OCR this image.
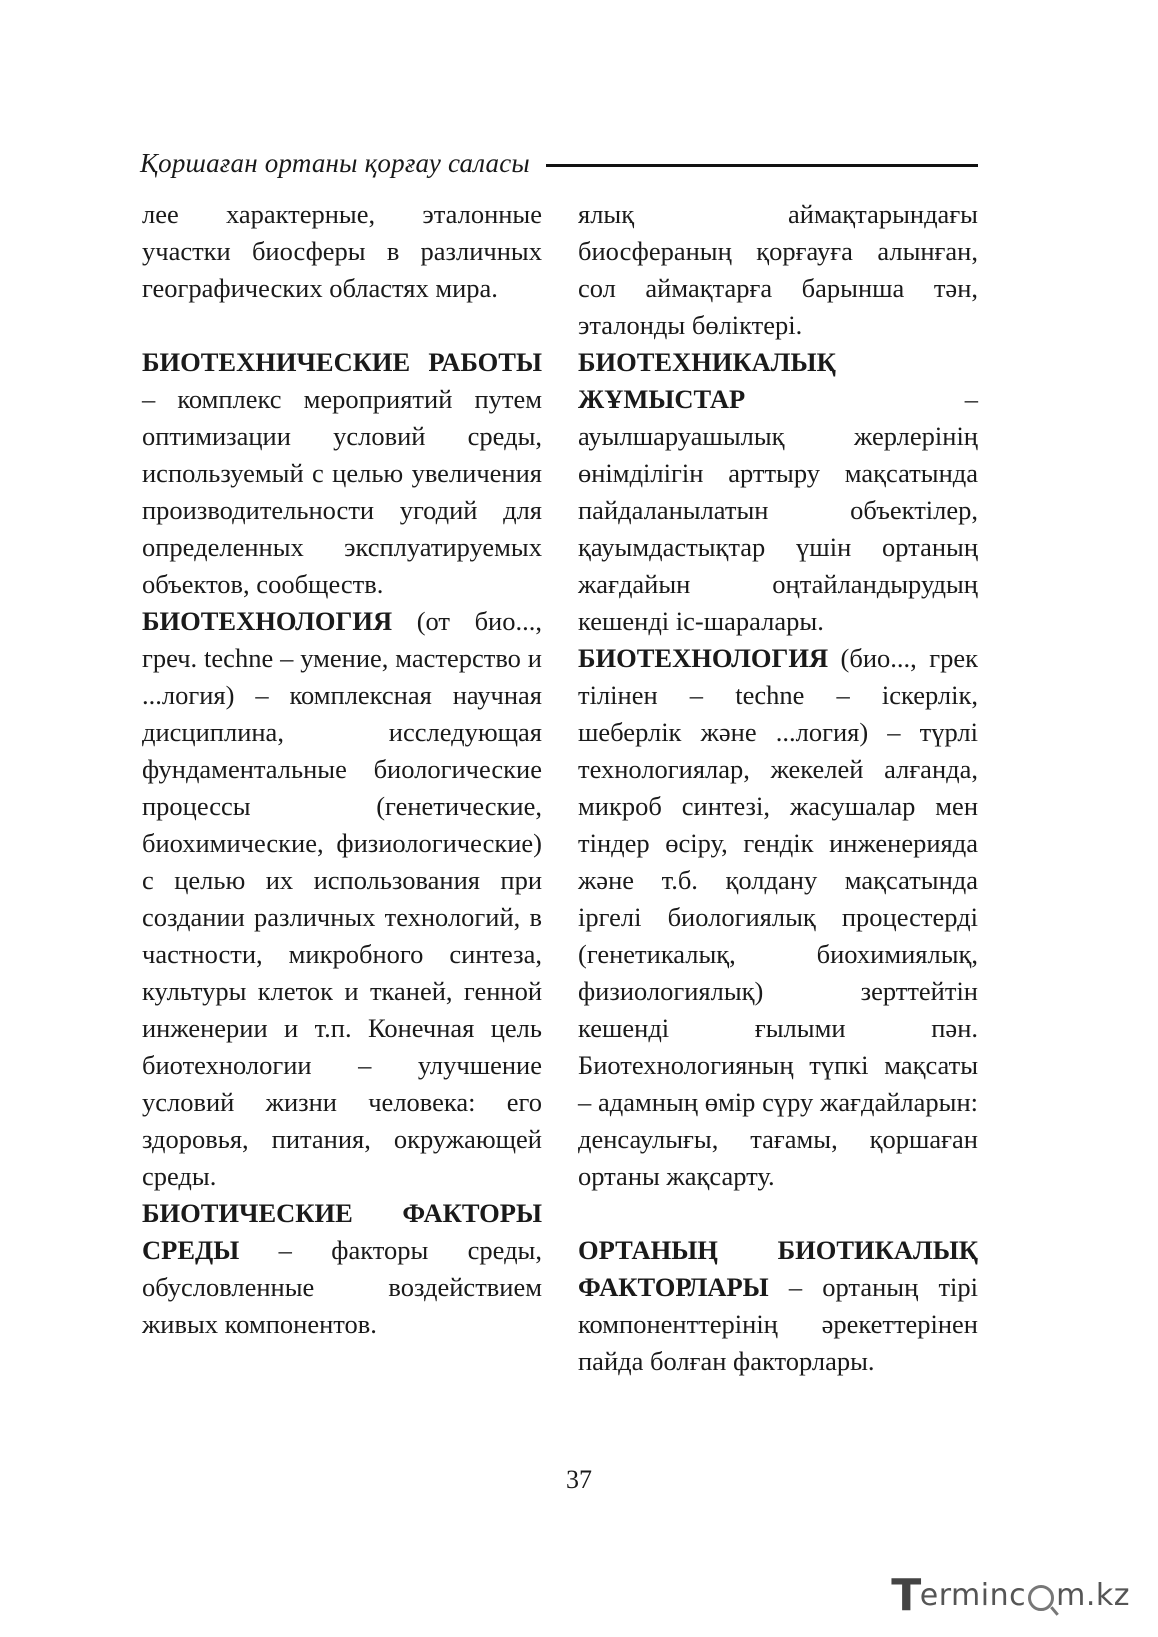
Қоршаған ортаны қорғау саласы

лее характерные, эталонные участки биосферы в различных географических областях мира.

БИОТЕХНИЧЕСКИЕ РАБОТЫ – комплекс мероприятий путем оптимизации условий среды, используемый с целью увеличения производительности угодий для определенных эксплуатируемых объектов, сообществ.

БИОТЕХНОЛОГИЯ (от био..., греч. techne – умение, мастерство и ...логия) – комплексная научная дисциплина, исследующая фундаментальные биологические процессы (генетические, биохимические, физиологические) с целью их использования при создании различных технологий, в частности, микробного синтеза, культуры клеток и тканей, генной инженерии и т.п. Конечная цель биотехнологии – улучшение условий жизни человека: его здоровья, питания, окружающей среды.

БИОТИЧЕСКИЕ ФАКТОРЫ СРЕДЫ – факторы среды, обусловленные воздействием живых компонентов.

ялық аймақтарындағы биосфераның қорғауға алынған, сол аймақтарға барынша тән, эталонды бөліктері.

БИОТЕХНИКАЛЫҚ ЖҰМЫСТАР – ауылшаруашылық жерлерінің өнімділігін арттыру мақсатында пайдаланылатын объектілер, қауымдастықтар үшін ортаның жағдайын оңтайландырудың кешенді іс-шаралары.

БИОТЕХНОЛОГИЯ (био..., грек тілінен – techne – іскерлік, шеберлік және ...логия) – түрлі технологиялар, жекелей алғанда, микроб синтезі, жасушалар мен тіндер өсіру, гендік инженерияда және т.б. қолдану мақсатында іргелі биологиялық процестерді (генетикалық, биохимиялық, физиологиялық) зерттейтін кешенді ғылыми пән. Биотехнологияның түпкі мақсаты – адамның өмір сүру жағдайларын: денсаулығы, тағамы, қоршаған ортаны жақсарту.

ОРТАНЫҢ БИОТИКАЛЫҚ ФАКТОРЛАРЫ – ортаның тірі компоненттерінің әрекеттерінен пайда болған факторлары.

37
T
erminc m.kz
